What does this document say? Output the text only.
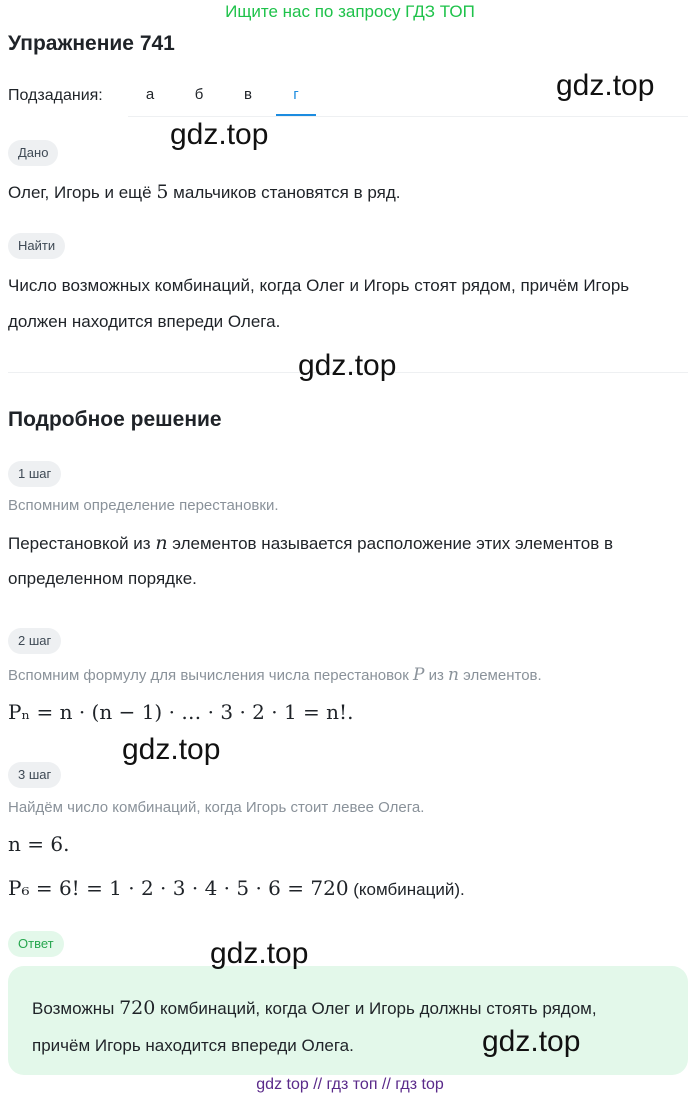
Ищите нас по запросу ГДЗ ТОП
Упражнение 741
Подзадания:	а	б	в	г
Дано
Олег, Игорь и ещё 5 мальчиков становятся в ряд.
Найти
Число возможных комбинаций, когда Олег и Игорь стоят рядом, причём Игорь
должен находится впереди Олега.
Подробное решение
1 шаг
Вспомним определение перестановки.
Перестановкой из n элементов называется расположение этих элементов в
определенном порядке.
2 шаг
Вспомним формулу для вычисления числа перестановок P из n элементов.
Pₙ = n · (n − 1) · … · 3 · 2 · 1 = n!.
3 шаг
Найдём число комбинаций, когда Игорь стоит левее Олега.
n = 6.
P₆ = 6! = 1 · 2 · 3 · 4 · 5 · 6 = 720 (комбинаций).
Ответ
Возможны 720 комбинаций, когда Олег и Игорь должны стоять рядом,
причём Игорь находится впереди Олега.
gdz.top
gdz.top
gdz.top
gdz.top
gdz.top
gdz.top
gdz top // гдз топ // гдз top
